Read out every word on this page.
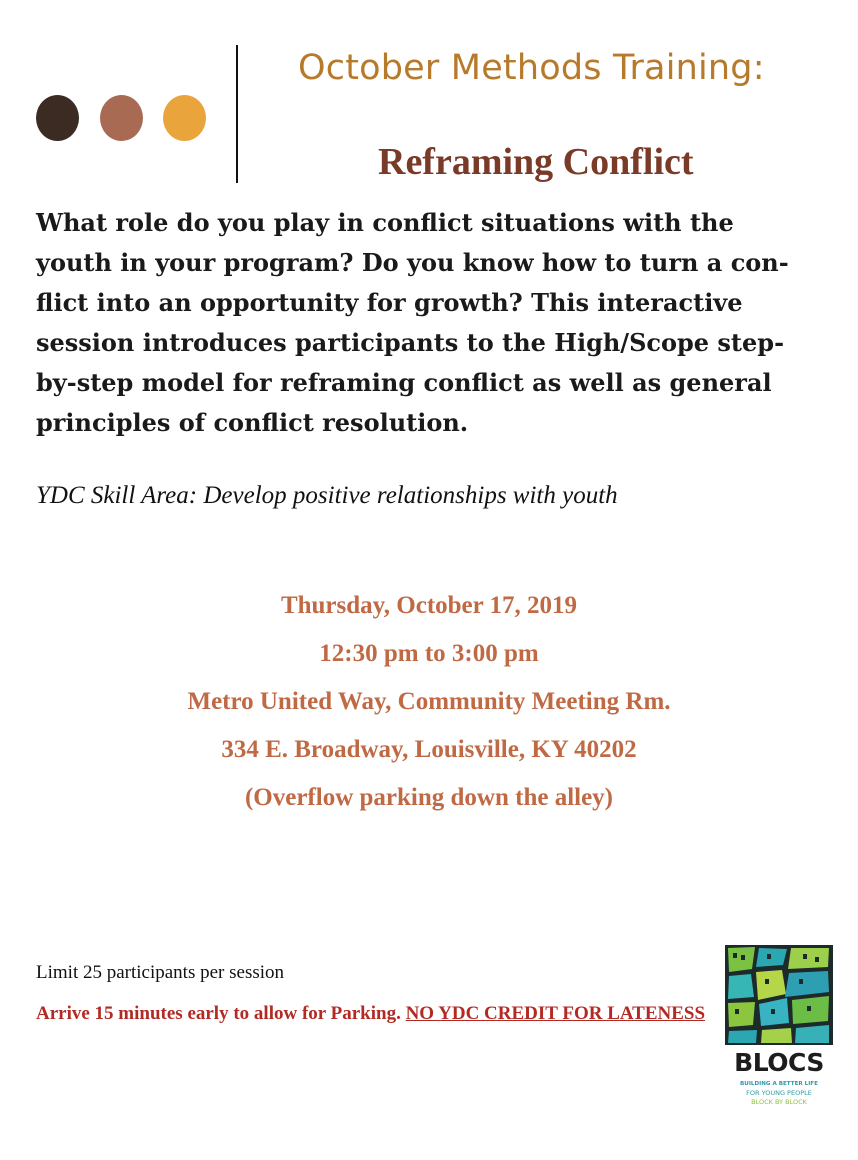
October Methods Training:
Reframing Conflict

What role do you play in conflict situations with the
youth in your program? Do you know how to turn a con-
flict into an opportunity for growth? This interactive
session introduces participants to the High/Scope step-
by-step model for reframing conflict as well as general
principles of conflict resolution.

YDC Skill Area: Develop positive relationships with youth
Thursday, October 17, 2019
12:30 pm to 3:00 pm
Metro United Way, Community Meeting Rm.
334 E. Broadway, Louisville, KY 40202
(Overflow parking down the alley)
Limit 25 participants per session

Arrive 15 minutes early to allow for Parking. NO YDC CREDIT FOR LATENESS

BLOCS
BUILDING A BETTER LIFE
FOR YOUNG PEOPLE
BLOCK BY BLOCK
